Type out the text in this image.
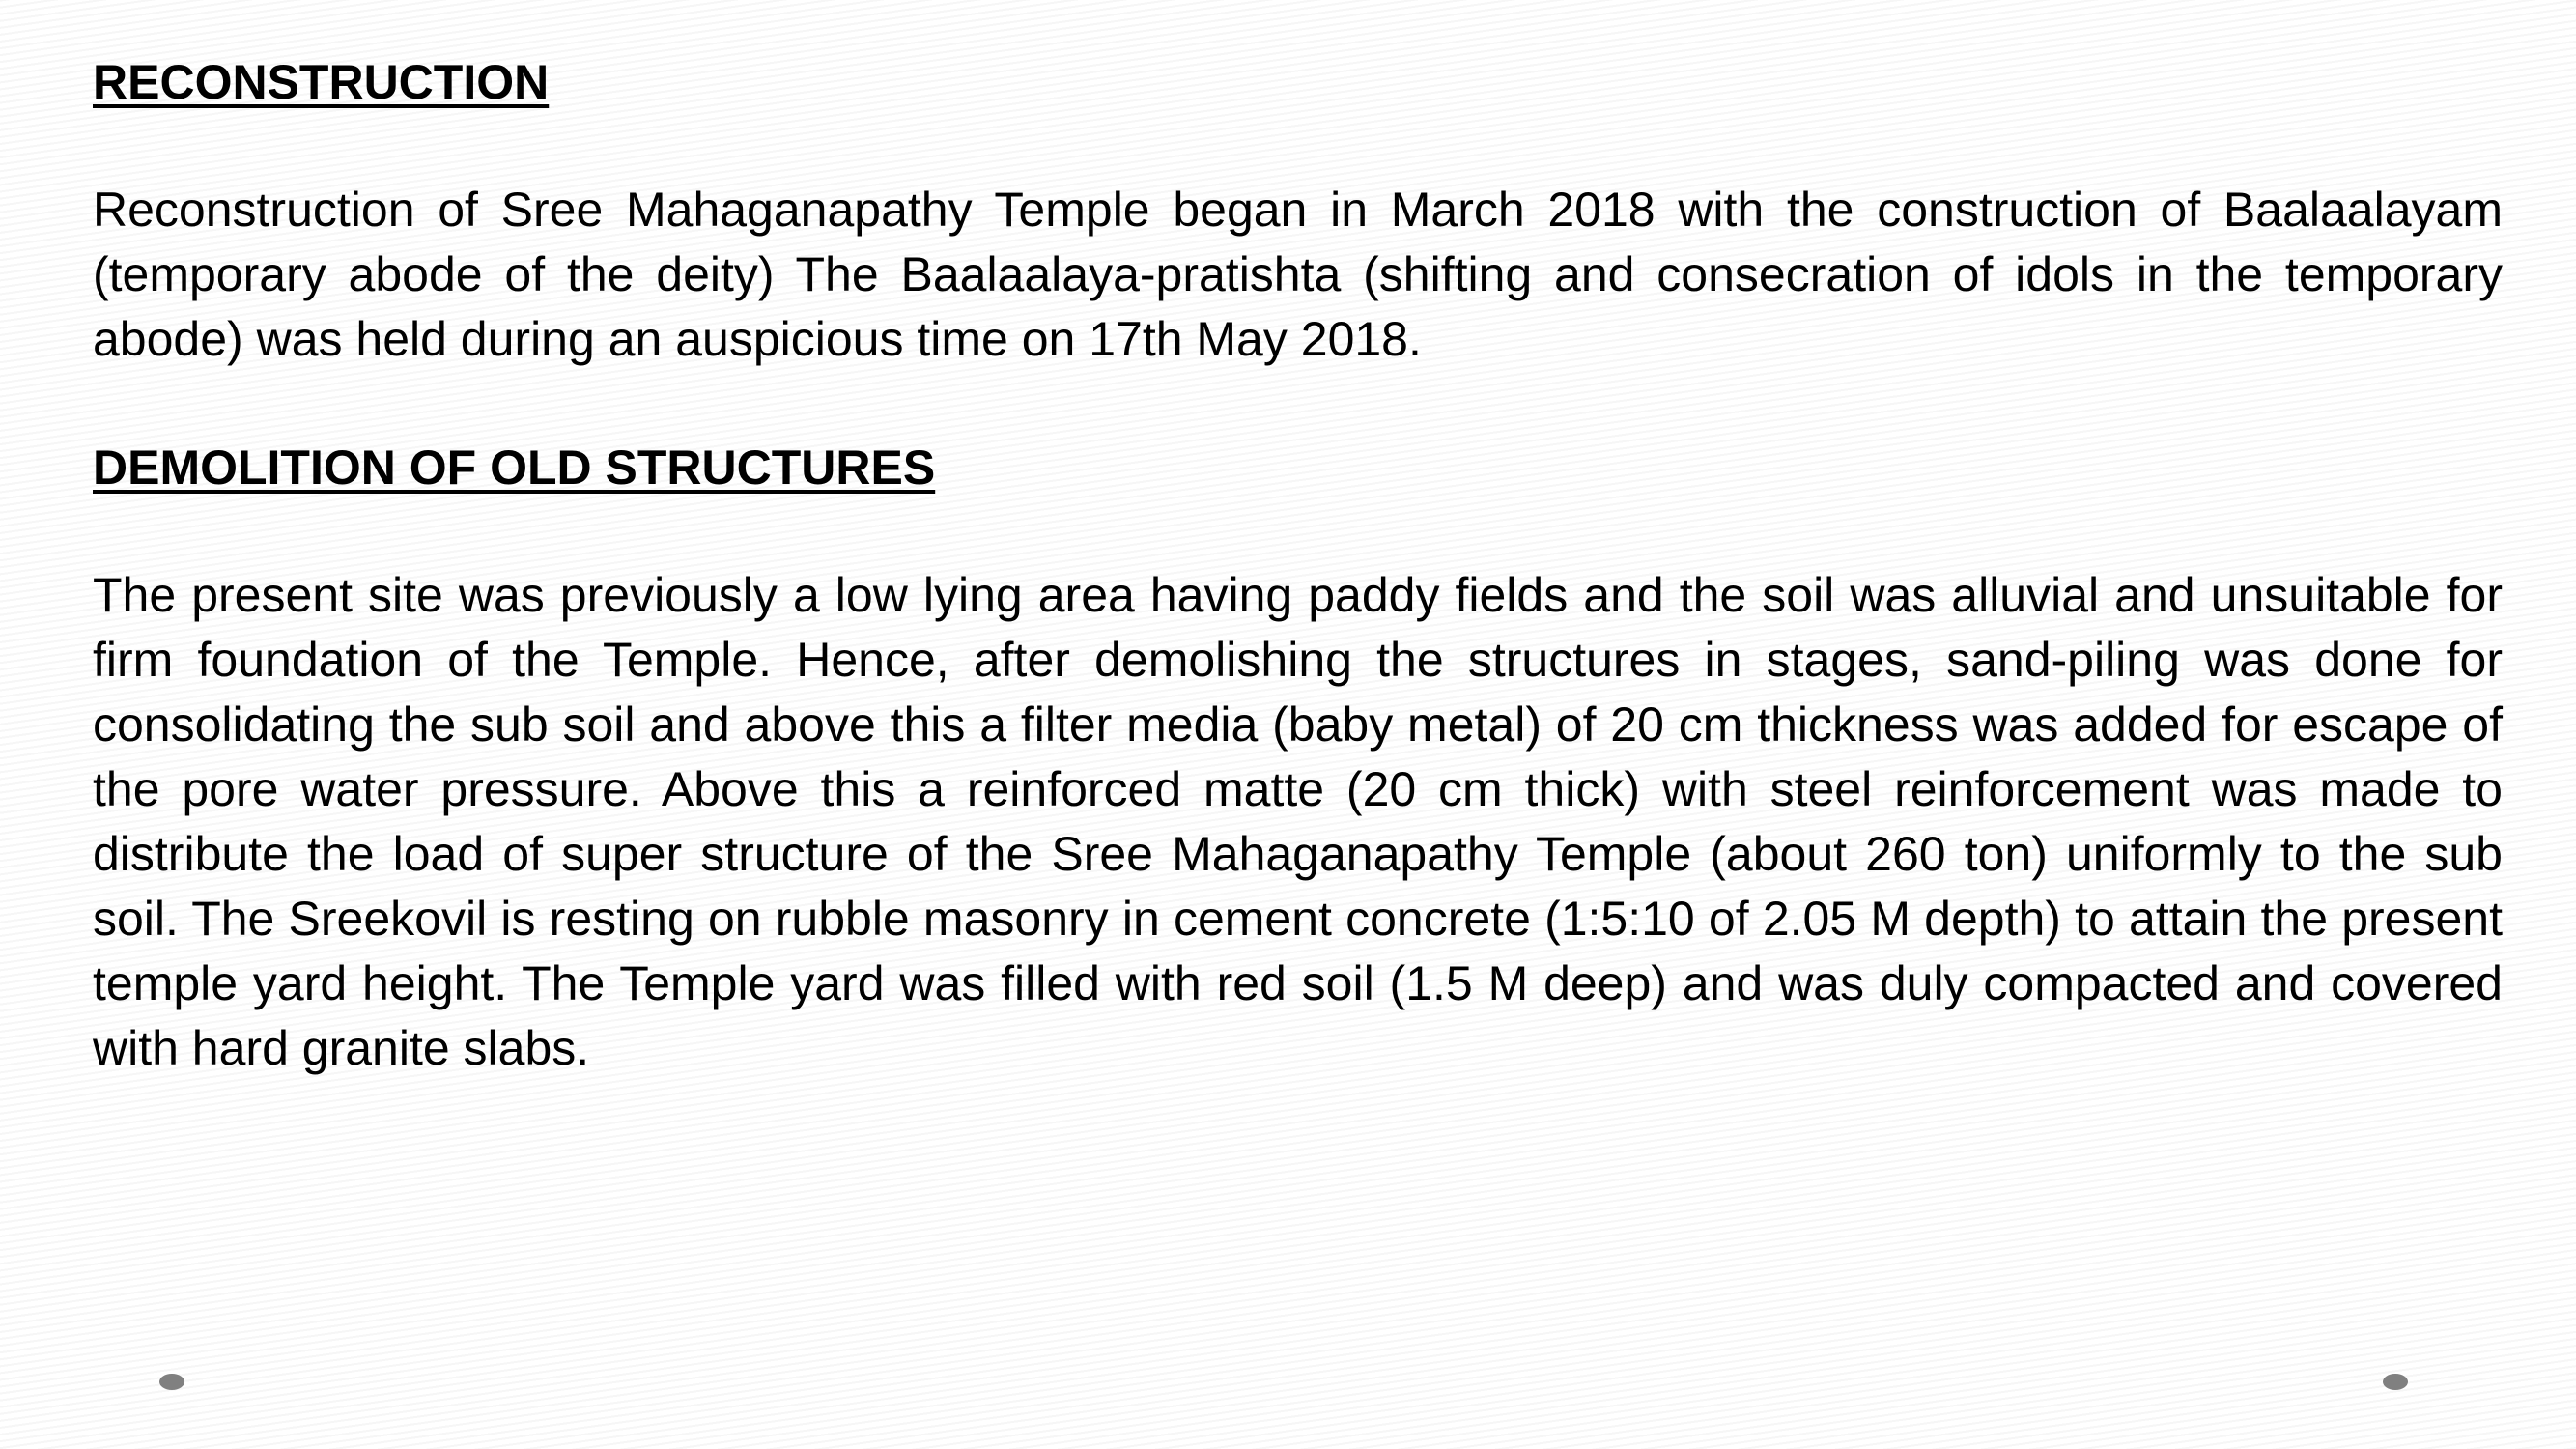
RECONSTRUCTION

Reconstruction of Sree Mahaganapathy Temple began in March 2018 with the construction of Baalaalayam (temporary abode of the deity) The Baalaalaya-pratishta (shifting and consecration of idols in the temporary abode) was held during an auspicious time on 17th May 2018.

DEMOLITION OF OLD STRUCTURES

The present site was previously a low lying area having paddy fields and the soil was alluvial and unsuitable for firm foundation of the Temple. Hence, after demolishing the structures in stages, sand-piling was done for consolidating the sub soil and above this a filter media (baby metal) of 20 cm thickness was added for escape of the pore water pressure. Above this a reinforced matte (20 cm thick) with steel reinforcement was made to distribute the load of super structure of the Sree Mahaganapathy Temple (about 260 ton) uniformly to the sub soil. The Sreekovil is resting on rubble masonry in cement concrete (1:5:10 of 2.05 M depth) to attain the present temple yard height. The Temple yard was filled with red soil (1.5 M deep) and was duly compacted and covered with hard granite slabs.
